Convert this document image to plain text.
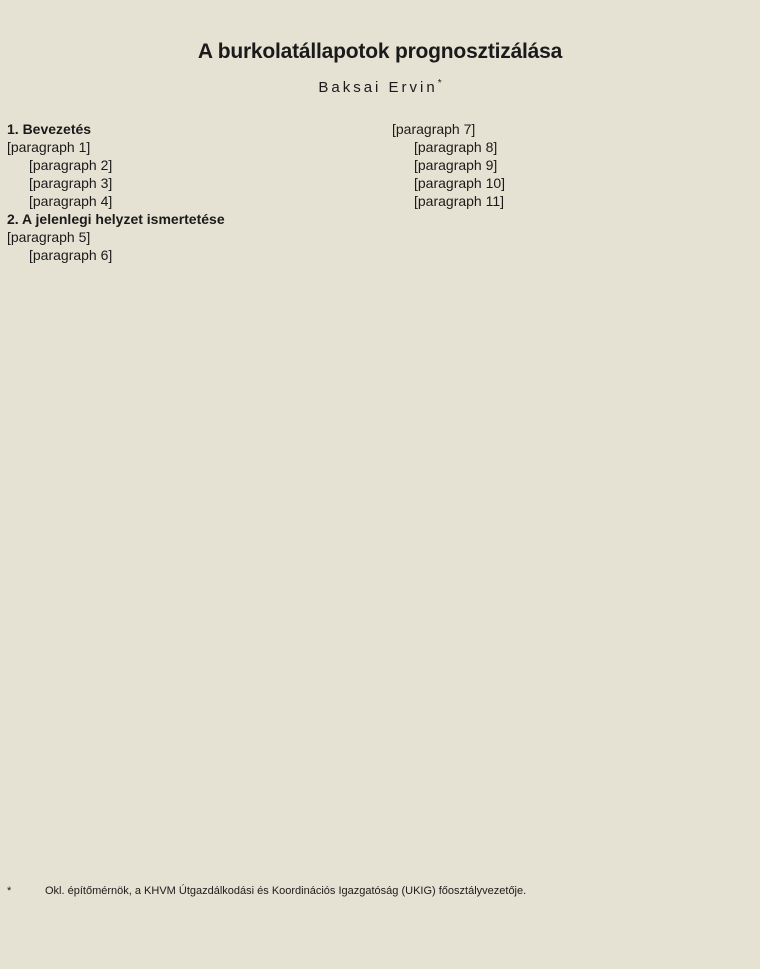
A burkolatállapotok prognosztizálása
Baksai Ervin*

1. Bevezetés

[paragraph 1]

[paragraph 2]

[paragraph 3]

[paragraph 4]

2. A jelenlegi helyzet ismertetése

[paragraph 5]

[paragraph 6]

[paragraph 7]

[paragraph 8]

[paragraph 9]

[paragraph 10]

[paragraph 11]

*	Okl. építőmérnök, a KHVM Útgazdálkodási és Koordinációs Igazgatóság (UKIG) főosztályvezetője.
